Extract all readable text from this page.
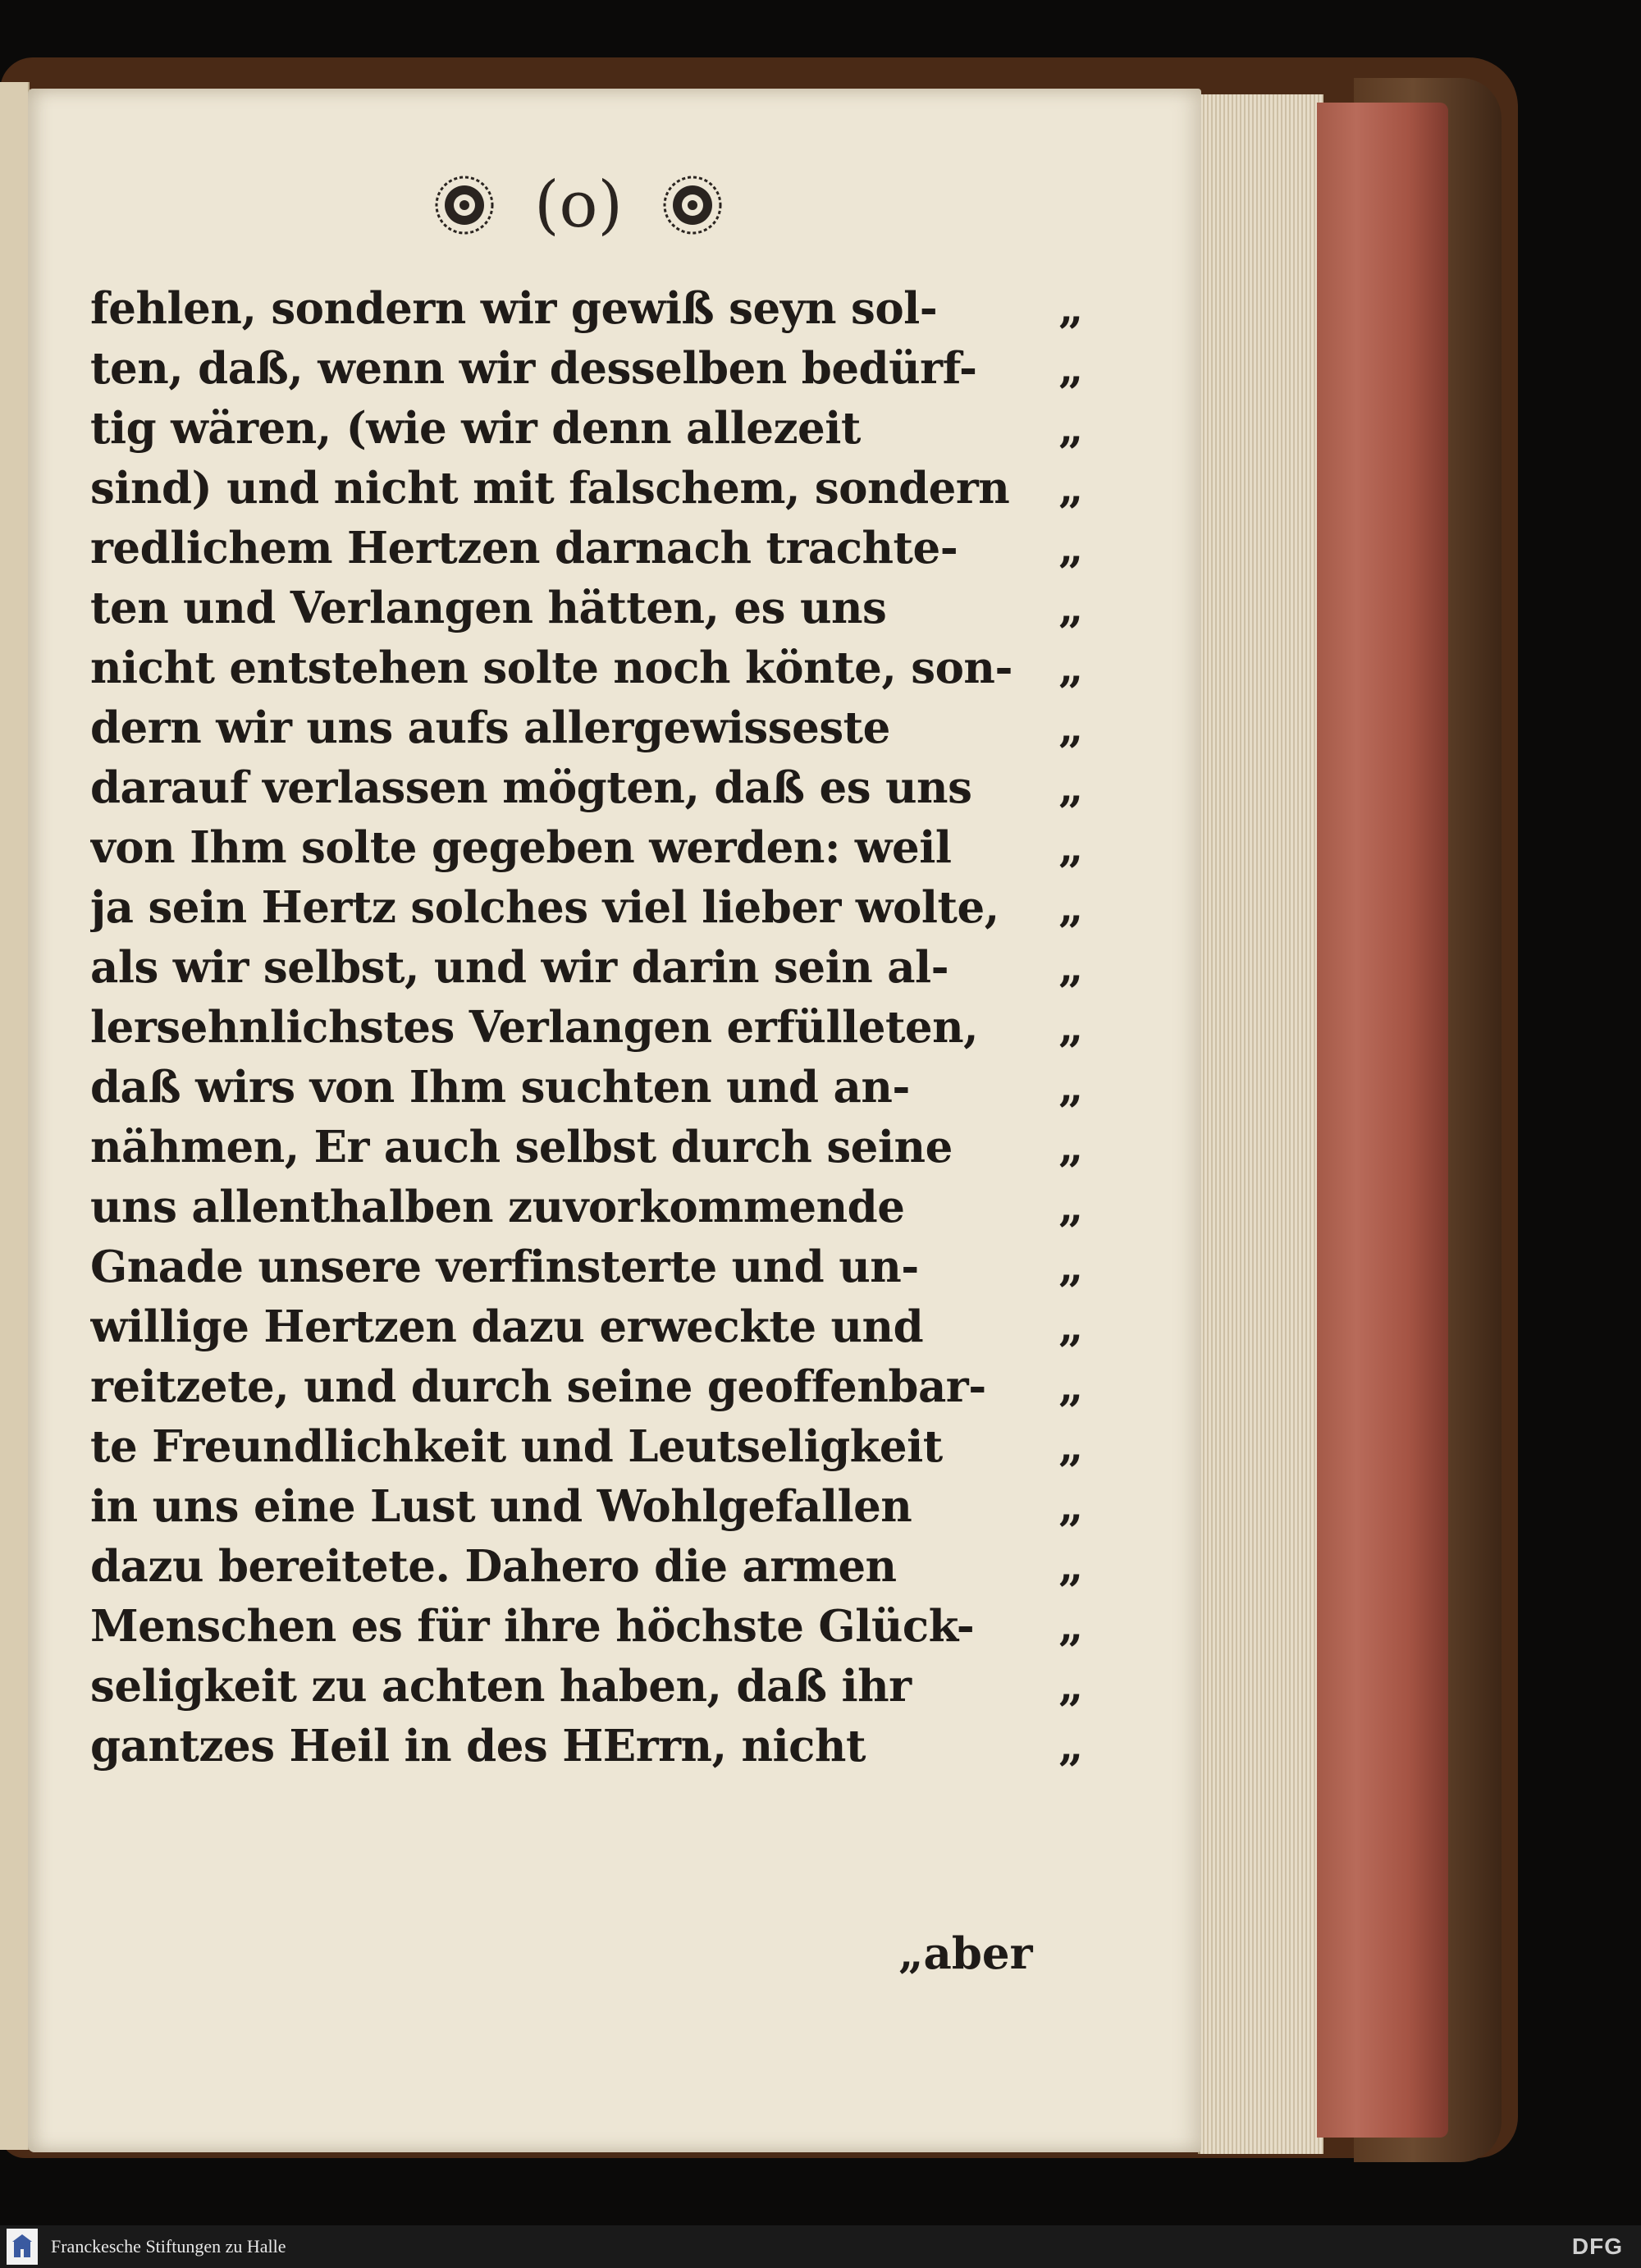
(o)
fehlen, sondern wir gewiß seyn sol-	„
ten, daß, wenn wir desselben bedürf-	„
tig wären, (wie wir denn allezeit	„
sind) und nicht mit falschem, sondern	„
redlichem Hertzen darnach trachte-	„
ten und Verlangen hätten, es uns	„
nicht entstehen solte noch könte, son-	„
dern wir uns aufs allergewisseste	„
darauf verlassen mögten, daß es uns	„
von Ihm solte gegeben werden: weil	„
ja sein Hertz solches viel lieber wolte,	„
als wir selbst, und wir darin sein al-	„
lersehnlichstes Verlangen erfülleten,	„
daß wirs von Ihm suchten und an-	„
nähmen, Er auch selbst durch seine	„
uns allenthalben zuvorkommende	„
Gnade unsere verfinsterte und un-	„
willige Hertzen dazu erweckte und	„
reitzete, und durch seine geoffenbar-	„
te Freundlichkeit und Leutseligkeit	„
in uns eine Lust und Wohlgefallen	„
dazu bereitete. Dahero die armen	„
Menschen es für ihre höchste Glück-	„
seligkeit zu achten haben, daß ihr	„
gantzes Heil in des HErrn, nicht	„
„aber
Franckesche Stiftungen zu Halle	DFG
